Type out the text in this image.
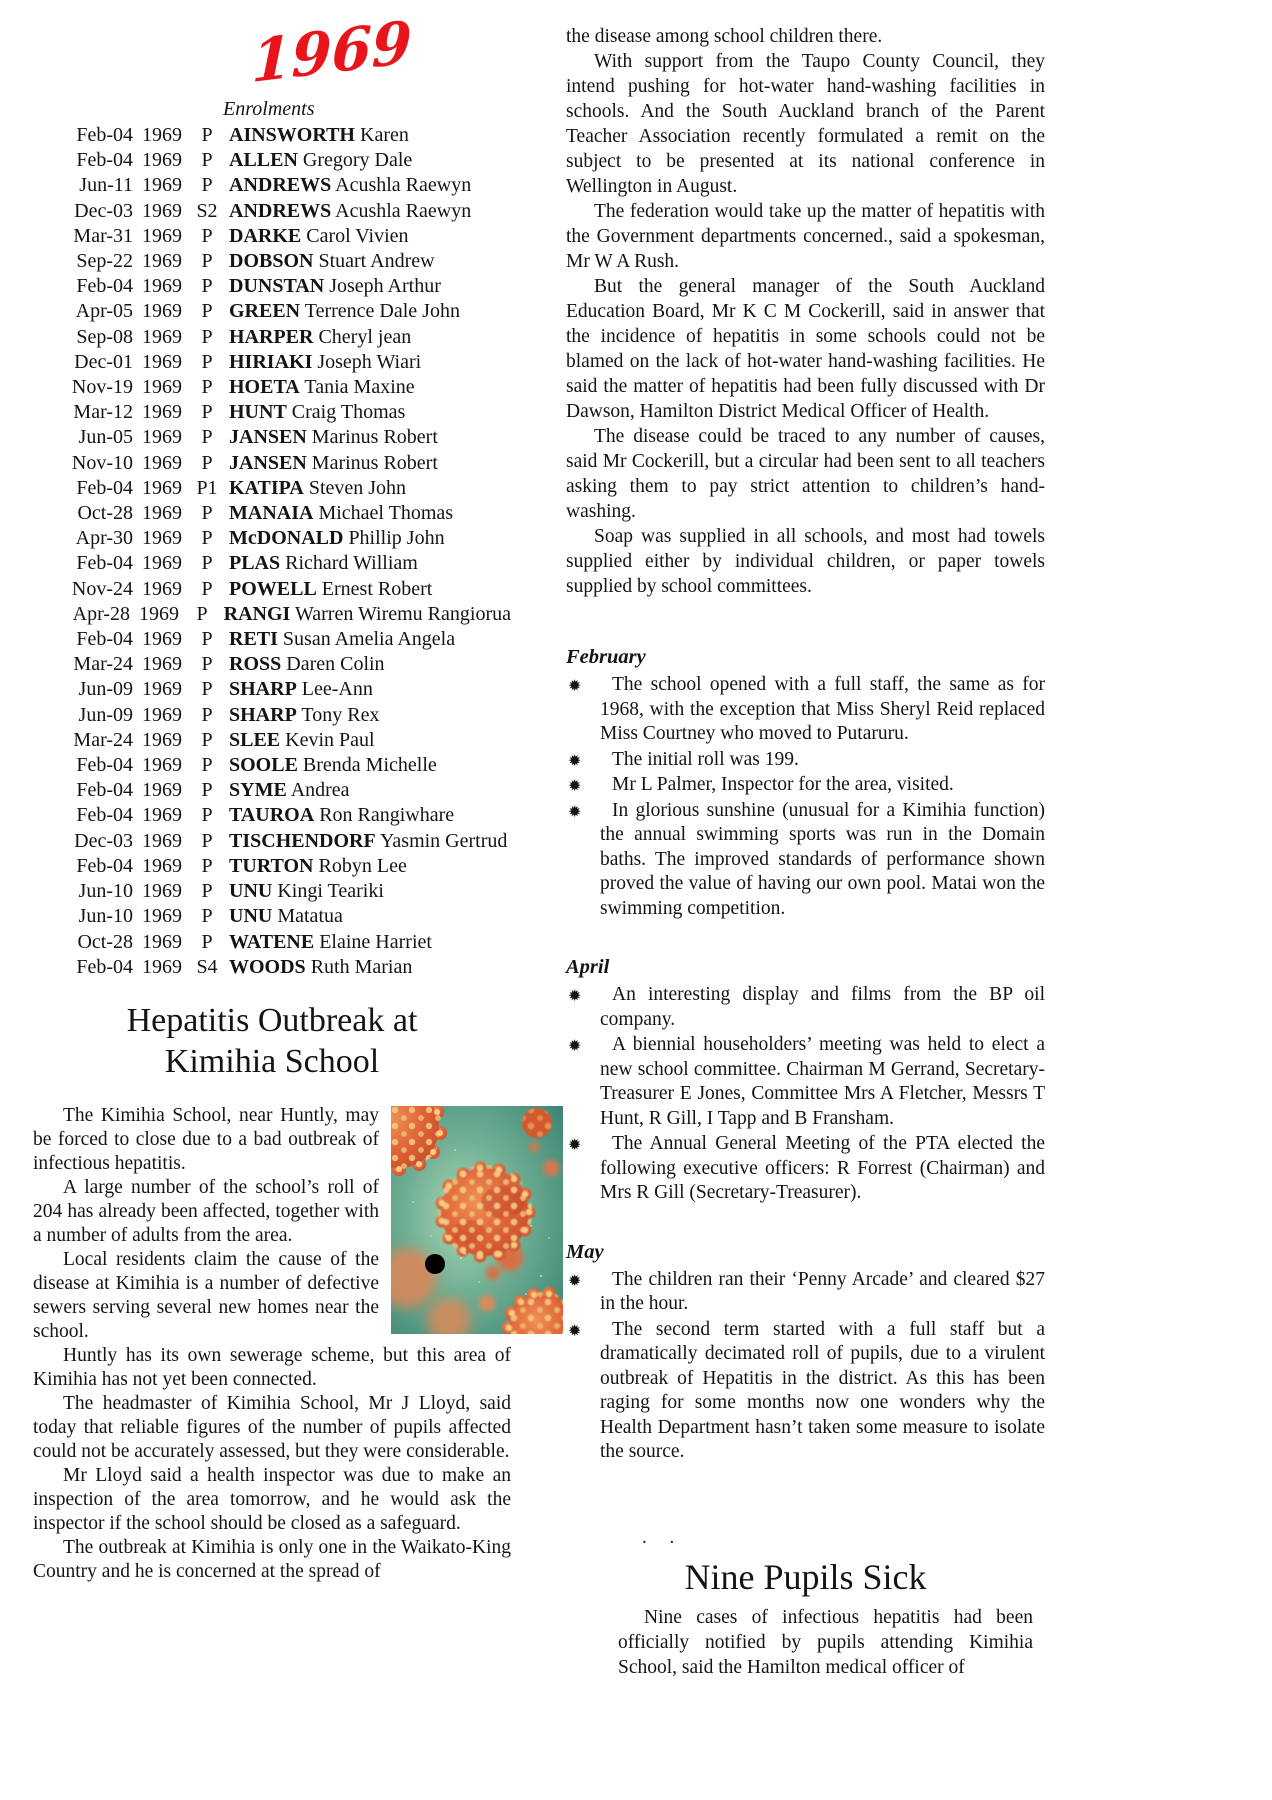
1969
Enrolments
Feb-04 1969 P AINSWORTH Karen
Feb-04 1969 P ALLEN Gregory Dale
Jun-11 1969 P ANDREWS Acushla Raewyn
Dec-03 1969 S2 ANDREWS Acushla Raewyn
Mar-31 1969 P DARKE Carol Vivien
Sep-22 1969 P DOBSON Stuart Andrew
Feb-04 1969 P DUNSTAN Joseph Arthur
Apr-05 1969 P GREEN Terrence Dale John
Sep-08 1969 P HARPER Cheryl jean
Dec-01 1969 P HIRIAKI Joseph Wiari
Nov-19 1969 P HOETA Tania Maxine
Mar-12 1969 P HUNT Craig Thomas
Jun-05 1969 P JANSEN Marinus Robert
Nov-10 1969 P JANSEN Marinus Robert
Feb-04 1969 P1 KATIPA Steven John
Oct-28 1969 P MANAIA Michael Thomas
Apr-30 1969 P McDONALD Phillip John
Feb-04 1969 P PLAS Richard William
Nov-24 1969 P POWELL Ernest Robert
Apr-28 1969 P RANGI Warren Wiremu Rangiorua
Feb-04 1969 P RETI Susan Amelia Angela
Mar-24 1969 P ROSS Daren Colin
Jun-09 1969 P SHARP Lee-Ann
Jun-09 1969 P SHARP Tony Rex
Mar-24 1969 P SLEE Kevin Paul
Feb-04 1969 P SOOLE Brenda Michelle
Feb-04 1969 P SYME Andrea
Feb-04 1969 P TAUROA Ron Rangiwhare
Dec-03 1969 P TISCHENDORF Yasmin Gertrud
Feb-04 1969 P TURTON Robyn Lee
Jun-10 1969 P UNU Kingi Teariki
Jun-10 1969 P UNU Matatua
Oct-28 1969 P WATENE Elaine Harriet
Feb-04 1969 S4 WOODS Ruth Marian
Hepatitis Outbreak at
Kimihia School

The Kimihia School, near Huntly, may be forced to close due to a bad outbreak of infectious hepatitis.

A large number of the school’s roll of 204 has already been affected, together with a number of adults from the area.

Local residents claim the cause of the disease at Kimihia is a number of defective sewers serving several new homes near the school.

Huntly has its own sewerage scheme, but this area of Kimihia has not yet been connected.

The headmaster of Kimihia School, Mr J Lloyd, said today that reliable figures of the number of pupils affected could not be accurately assessed, but they were considerable.

Mr Lloyd said a health inspector was due to make an inspection of the area tomorrow, and he would ask the inspector if the school should be closed as a safeguard.

The outbreak at Kimihia is only one in the Waikato-King Country and he is concerned at the spread of

the disease among school children there.

With support from the Taupo County Council, they intend pushing for hot-water hand-washing facilities in schools. And the South Auckland branch of the Parent Teacher Association recently formulated a remit on the subject to be presented at its national conference in Wellington in August.

The federation would take up the matter of hepatitis with the Government departments concerned., said a spokesman, Mr W A Rush.

But the general manager of the South Auckland Education Board, Mr K C M Cockerill, said in answer that the incidence of hepatitis in some schools could not be blamed on the lack of hot-water hand-washing facilities. He said the matter of hepatitis had been fully discussed with Dr Dawson, Hamilton District Medical Officer of Health.

The disease could be traced to any number of causes, said Mr Cockerill, but a circular had been sent to all teachers asking them to pay strict attention to children’s hand-washing.

Soap was supplied in all schools, and most had towels supplied either by individual children, or paper towels supplied by school committees.

February
✹ The school opened with a full staff, the same as for 1968, with the exception that Miss Sheryl Reid replaced Miss Courtney who moved to Putaruru.
✹ The initial roll was 199.
✹ Mr L Palmer, Inspector for the area, visited.
✹ In glorious sunshine (unusual for a Kimihia function) the annual swimming sports was run in the Domain baths. The improved standards of performance shown proved the value of having our own pool. Matai won the swimming competition.
April
✹ An interesting display and films from the BP oil company.
✹ A biennial householders’ meeting was held to elect a new school committee. Chairman M Gerrand, Secretary-Treasurer E Jones, Committee Mrs A Fletcher, Messrs T Hunt, R Gill, I Tapp and B Fransham.
✹ The Annual General Meeting of the PTA elected the following executive officers: R Forrest (Chairman) and Mrs R Gill (Secretary-Treasurer).
May
✹ The children ran their ‘Penny Arcade’ and cleared $27 in the hour.
✹ The second term started with a full staff but a dramatically decimated roll of pupils, due to a virulent outbreak of Hepatitis in the district. As this has been raging for some months now one wonders why the Health Department hasn’t taken some measure to isolate the source.
. .
Nine Pupils Sick

Nine cases of infectious hepatitis had been officially notified by pupils attending Kimihia School, said the Hamilton medical officer of
